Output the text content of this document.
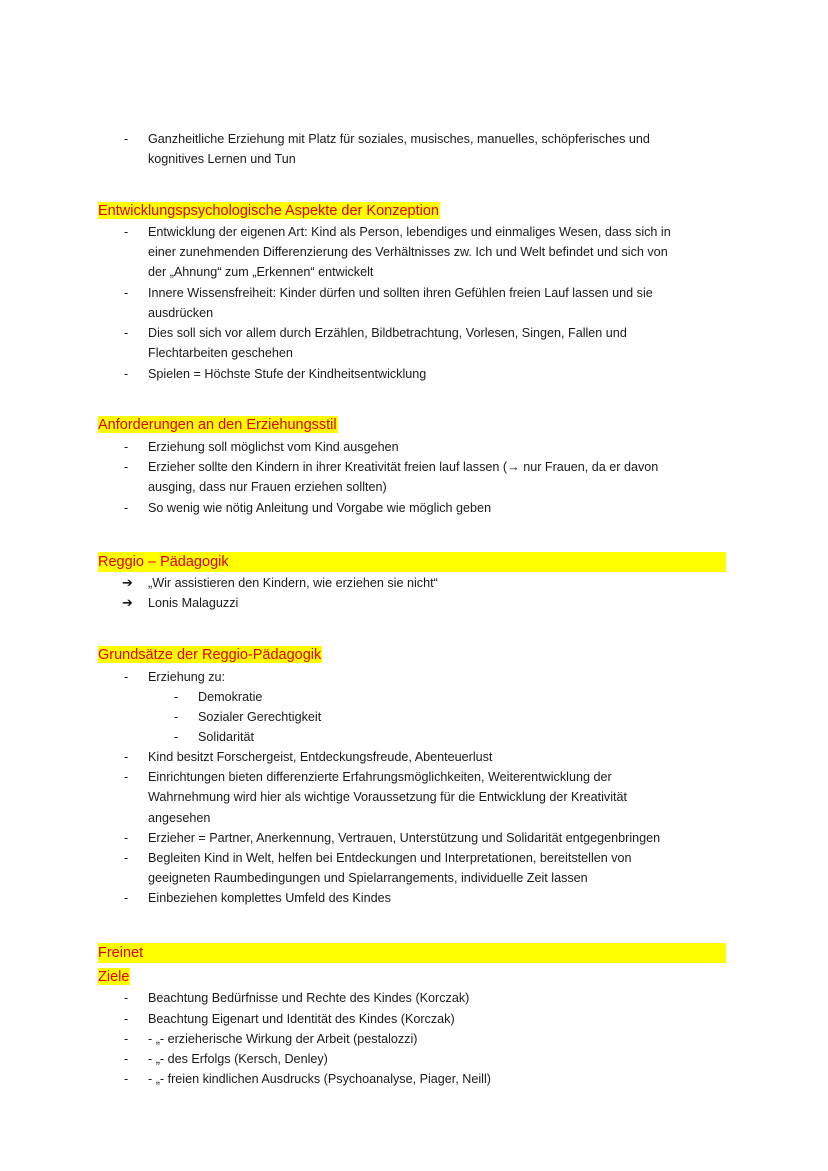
- Ganzheitliche Erziehung mit Platz für soziales, musisches, manuelles, schöpferisches und
kognitives Lernen und Tun
Entwicklungspsychologische Aspekte der Konzeption
- Entwicklung der eigenen Art: Kind als Person, lebendiges und einmaliges Wesen, dass sich in
einer zunehmenden Differenzierung des Verhältnisses zw. Ich und Welt befindet und sich von
der „Ahnung“ zum „Erkennen“ entwickelt
- Innere Wissensfreiheit: Kinder dürfen und sollten ihren Gefühlen freien Lauf lassen und sie
ausdrücken
- Dies soll sich vor allem durch Erzählen, Bildbetrachtung, Vorlesen, Singen, Fallen und
Flechtarbeiten geschehen
- Spielen = Höchste Stufe der Kindheitsentwicklung
Anforderungen an den Erziehungsstil
- Erziehung soll möglichst vom Kind ausgehen
- Erzieher sollte den Kindern in ihrer Kreativität freien lauf lassen (→ nur Frauen, da er davon
ausging, dass nur Frauen erziehen sollten)
- So wenig wie nötig Anleitung und Vorgabe wie möglich geben
Reggio – Pädagogik
➔ „Wir assistieren den Kindern, wie erziehen sie nicht“
➔ Lonis Malaguzzi
Grundsätze der Reggio-Pädagogik
- Erziehung zu:
- Demokratie
- Sozialer Gerechtigkeit
- Solidarität
- Kind besitzt Forschergeist, Entdeckungsfreude, Abenteuerlust
- Einrichtungen bieten differenzierte Erfahrungsmöglichkeiten, Weiterentwicklung der
Wahrnehmung wird hier als wichtige Voraussetzung für die Entwicklung der Kreativität
angesehen
- Erzieher = Partner, Anerkennung, Vertrauen, Unterstützung und Solidarität entgegenbringen
- Begleiten Kind in Welt, helfen bei Entdeckungen und Interpretationen, bereitstellen von
geeigneten Raumbedingungen und Spielarrangements, individuelle Zeit lassen
- Einbeziehen komplettes Umfeld des Kindes
Freinet
Ziele
- Beachtung Bedürfnisse und Rechte des Kindes (Korczak)
- Beachtung Eigenart und Identität des Kindes (Korczak)
- - „- erzieherische Wirkung der Arbeit (pestalozzi)
- - „- des Erfolgs (Kersch, Denley)
- - „- freien kindlichen Ausdrucks (Psychoanalyse, Piager, Neill)
